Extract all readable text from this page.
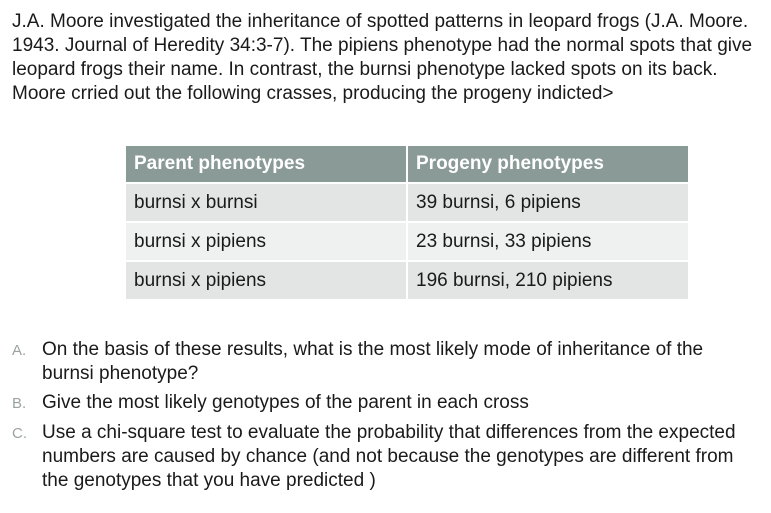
J.A. Moore investigated the inheritance of spotted patterns in leopard frogs (J.A. Moore. 1943. Journal of Heredity 34:3-7). The pipiens phenotype had the normal spots that give leopard frogs their name. In contrast, the burnsi phenotype lacked spots on its back. Moore crried out the following crasses, producing the progeny indicted>

Parent phenotypes	Progeny phenotypes
burnsi x burnsi	39 burnsi, 6 pipiens
burnsi x pipiens	23 burnsi, 33 pipiens
burnsi x pipiens	196 burnsi, 210 pipiens
A. On the basis of these results, what is the most likely mode of inheritance of the burnsi phenotype?
B. Give the most likely genotypes of the parent in each cross
C. Use a chi-square test to evaluate the probability that differences from the expected numbers are caused by chance (and not because the genotypes are different from the genotypes that you have predicted )
